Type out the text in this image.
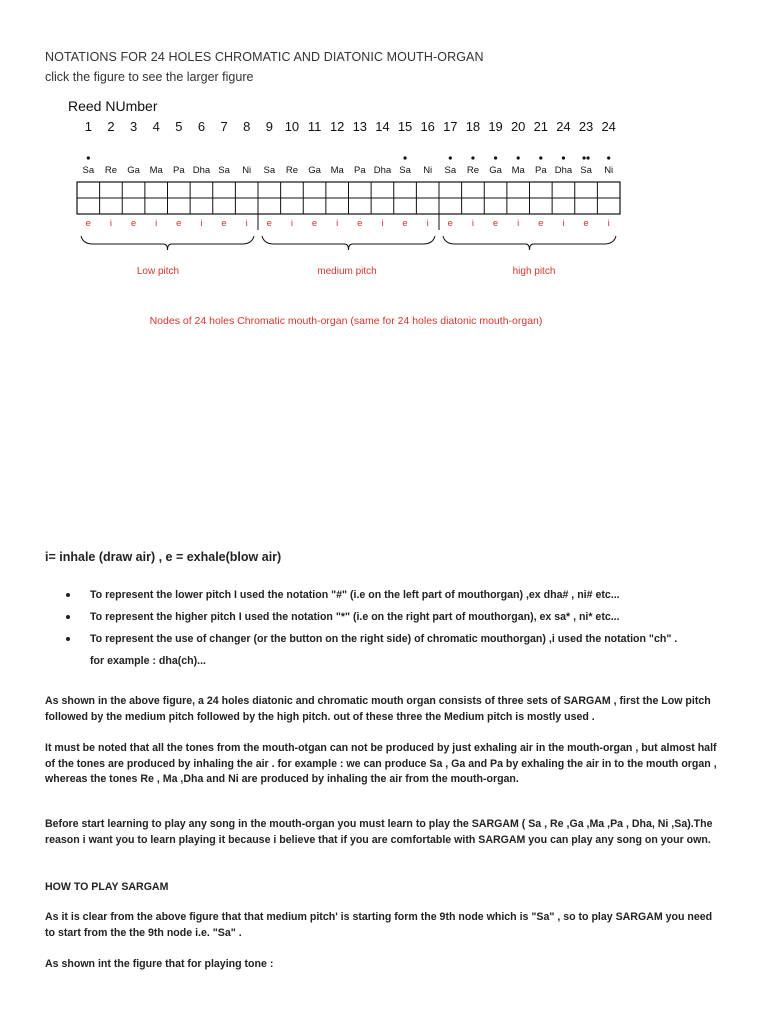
NOTATIONS FOR 24 HOLES CHROMATIC AND DIATONIC MOUTH-ORGAN
click the figure to see the larger figure
Reed NUmber
1 2 3 4 5 6 7 8 9 10 11 12 13 14 15 16 17 18 19 20 21 24 23 24
Sa Re Ga Ma Pa Dha Sa Ni Sa Re Ga Ma Pa Dha Sa Ni Sa Re Ga Ma Pa Dha Sa Ni
e i e i e i e i e i e i e i e i e i e i e i e i
Low pitch	medium pitch	high pitch
Nodes of 24 holes Chromatic mouth-organ (same for 24 holes diatonic mouth-organ)
i= inhale (draw air) , e = exhale(blow air)
To represent the lower pitch I used the notation "#" (i.e on the left part of mouthorgan) ,ex dha# , ni# etc...
To represent the higher pitch I used the notation "*" (i.e on the right part of mouthorgan), ex sa* , ni* etc...
To represent the use of changer (or the button on the right side) of chromatic mouthorgan) ,i used the notation "ch" .
for example : dha(ch)...
As shown in the above figure, a 24 holes diatonic and chromatic mouth organ consists of three sets of SARGAM , first the Low pitch followed by the medium pitch followed by the high pitch. out of these three the Medium pitch is mostly used .
It must be noted that all the tones from the mouth-otgan can not be produced by just exhaling air in the mouth-organ , but almost half of the tones are produced by inhaling the air . for example : we can produce Sa , Ga and Pa by exhaling the air in to the mouth organ , whereas the tones Re , Ma ,Dha and Ni are produced by inhaling the air from the mouth-organ.
Before start learning to play any song in the mouth-organ you must learn to play the SARGAM ( Sa , Re ,Ga ,Ma ,Pa , Dha, Ni ,Sa).The reason i want you to learn playing it because i believe that if you are comfortable with SARGAM you can play any song on your own.
HOW TO PLAY SARGAM
As it is clear from the above figure that that medium pitch' is starting form the 9th node which is "Sa" , so to play SARGAM you need to start from the the 9th node i.e. "Sa" .
As shown int the figure that for playing tone :
